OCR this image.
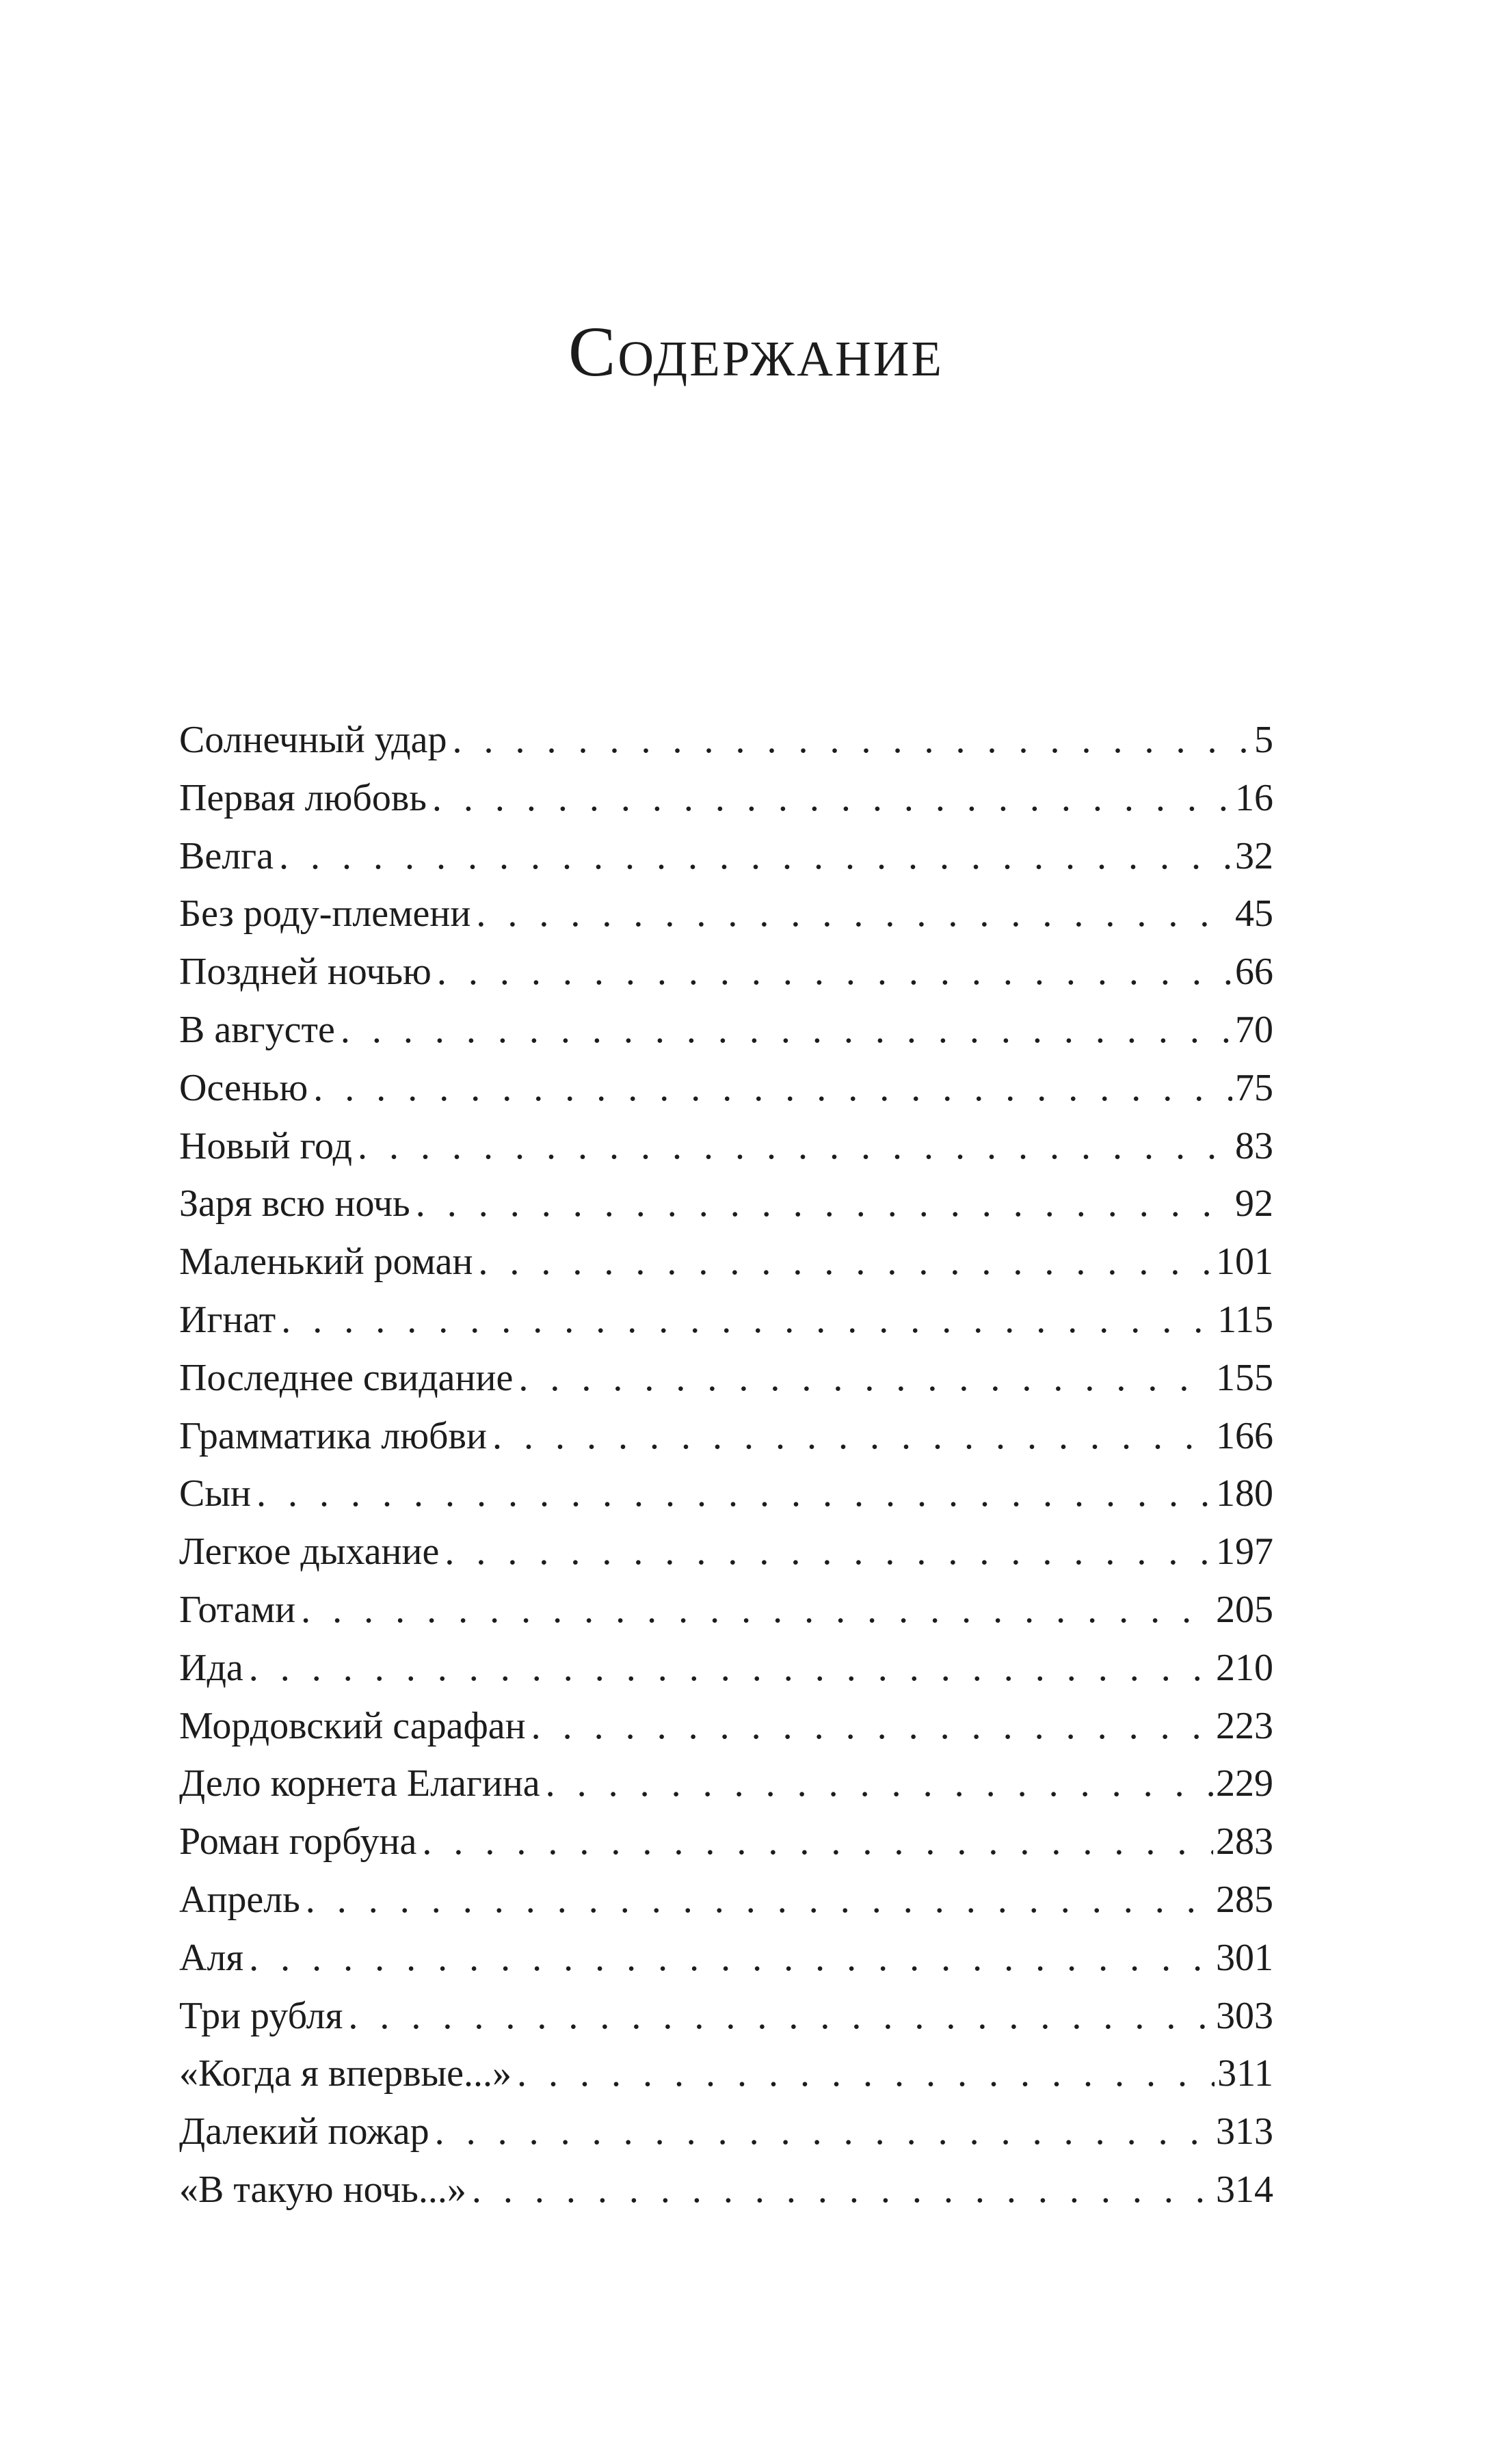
Содержание
Солнечный удар . . .	5
Первая любовь . . .	16
Велга . . .	32
Без роду-племени . . .	45
Поздней ночью . . .	66
В августе . . .	70
Осенью . . .	75
Новый год . . .	83
Заря всю ночь . . .	92
Маленький роман . . .	101
Игнат . . .	115
Последнее свидание . . .	155
Грамматика любви . . .	166
Сын . . .	180
Легкое дыхание . . .	197
Готами . . .	205
Ида . . .	210
Мордовский сарафан . . .	223
Дело корнета Елагина . . .	229
Роман горбуна . . .	283
Апрель . . .	285
Аля . . .	301
Три рубля . . .	303
«Когда я впервые...» . . .	311
Далекий пожар . . .	313
«В такую ночь...» . . .	314
